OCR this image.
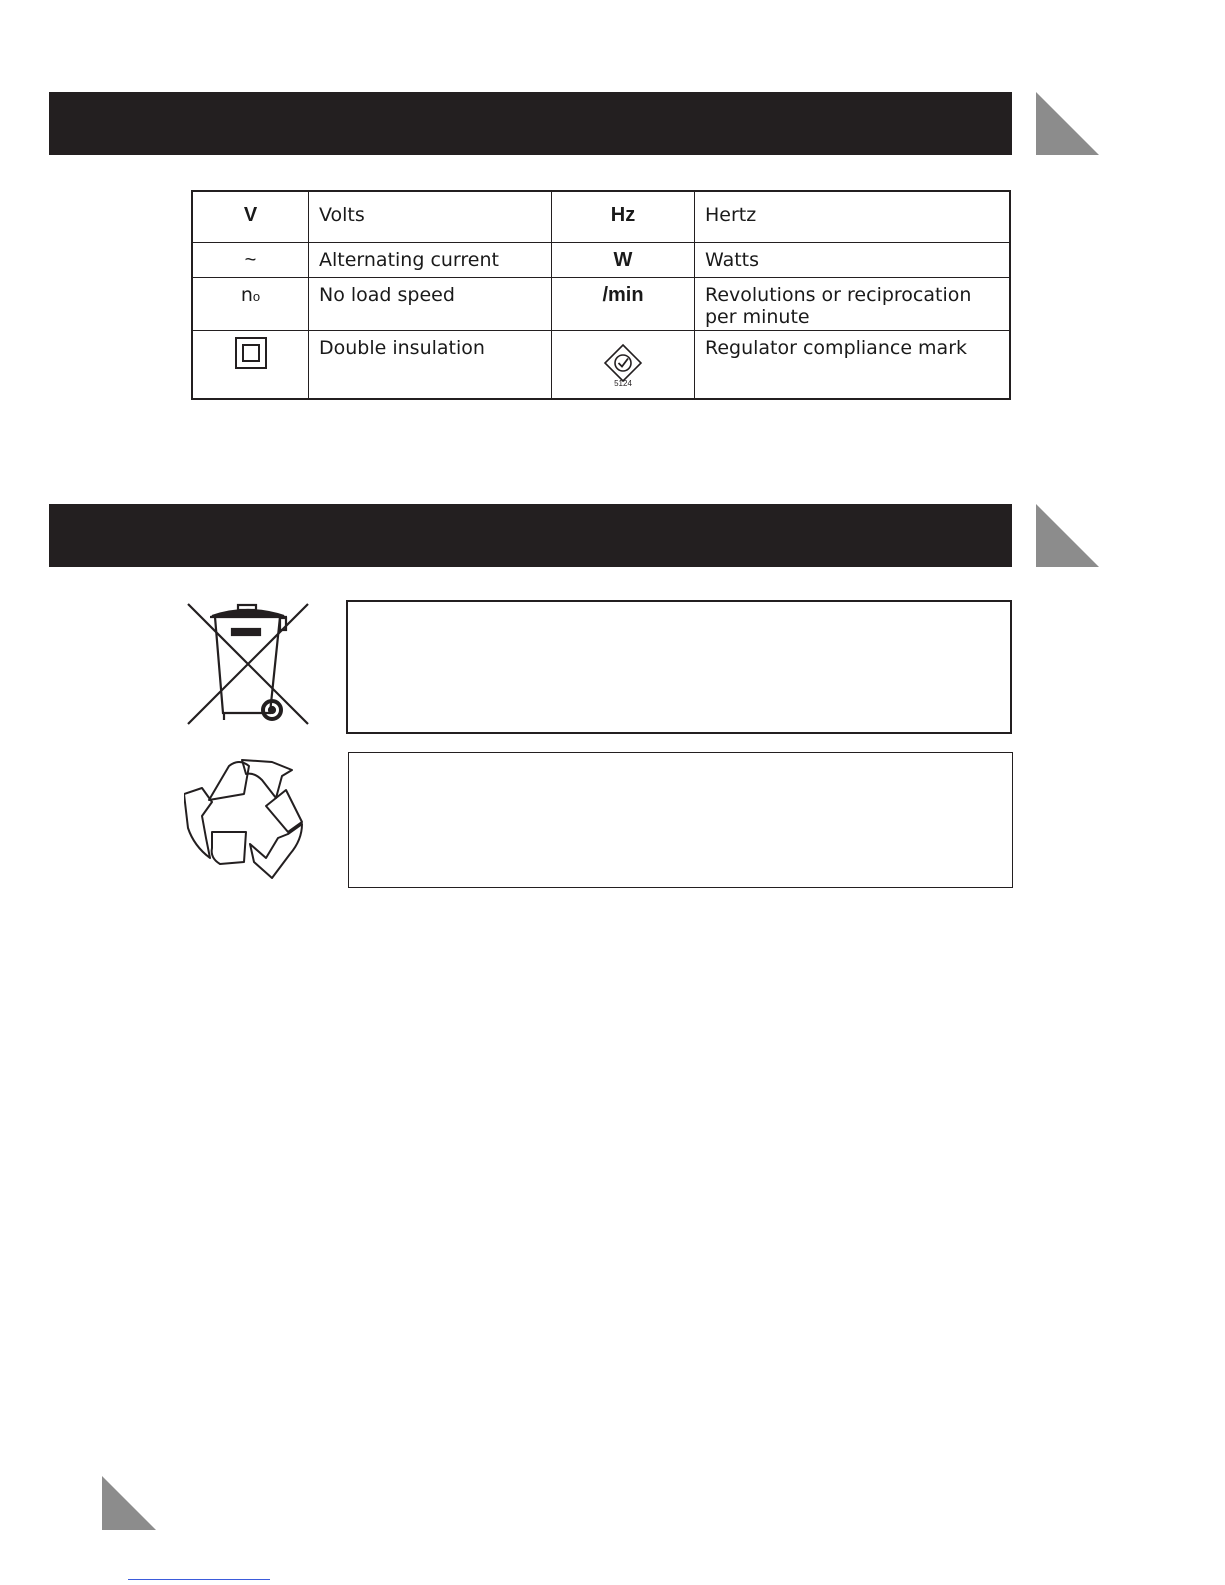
V	Volts	Hz	Hertz
~	Alternating current	W	Watts
no	No load speed	/min	Revolutions or reciprocation per minute
	Double insulation	5124	Regulator compliance mark
